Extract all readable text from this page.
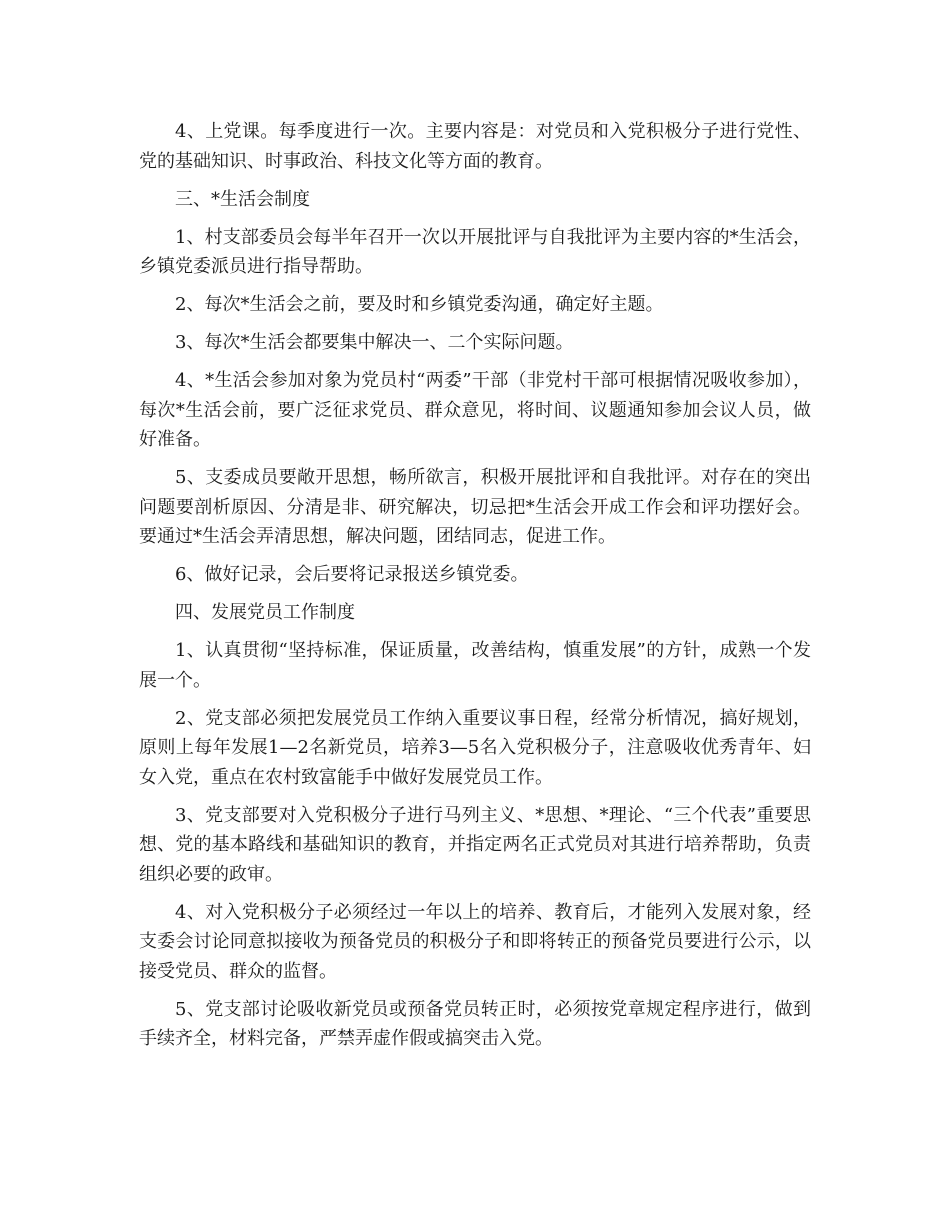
4、上党课。每季度进行一次。主要内容是：对党员和入党积极分子进行党性、党的基础知识、时事政治、科技文化等方面的教育。

三、*生活会制度

1、村支部委员会每半年召开一次以开展批评与自我批评为主要内容的*生活会，乡镇党委派员进行指导帮助。

2、每次*生活会之前，要及时和乡镇党委沟通，确定好主题。

3、每次*生活会都要集中解决一、二个实际问题。

4、*生活会参加对象为党员村“两委”干部（非党村干部可根据情况吸收参加），每次*生活会前，要广泛征求党员、群众意见，将时间、议题通知参加会议人员，做好准备。

5、支委成员要敞开思想，畅所欲言，积极开展批评和自我批评。对存在的突出问题要剖析原因、分清是非、研究解决，切忌把*生活会开成工作会和评功摆好会。要通过*生活会弄清思想，解决问题，团结同志，促进工作。

6、做好记录，会后要将记录报送乡镇党委。

四、发展党员工作制度

1、认真贯彻“坚持标准，保证质量，改善结构，慎重发展”的方针，成熟一个发展一个。

2、党支部必须把发展党员工作纳入重要议事日程，经常分析情况，搞好规划，原则上每年发展1—2名新党员，培养3—5名入党积极分子，注意吸收优秀青年、妇女入党，重点在农村致富能手中做好发展党员工作。

3、党支部要对入党积极分子进行马列主义、*思想、*理论、“三个代表”重要思想、党的基本路线和基础知识的教育，并指定两名正式党员对其进行培养帮助，负责组织必要的政审。

4、对入党积极分子必须经过一年以上的培养、教育后，才能列入发展对象，经支委会讨论同意拟接收为预备党员的积极分子和即将转正的预备党员要进行公示，以接受党员、群众的监督。

5、党支部讨论吸收新党员或预备党员转正时，必须按党章规定程序进行，做到手续齐全，材料完备，严禁弄虚作假或搞突击入党。
